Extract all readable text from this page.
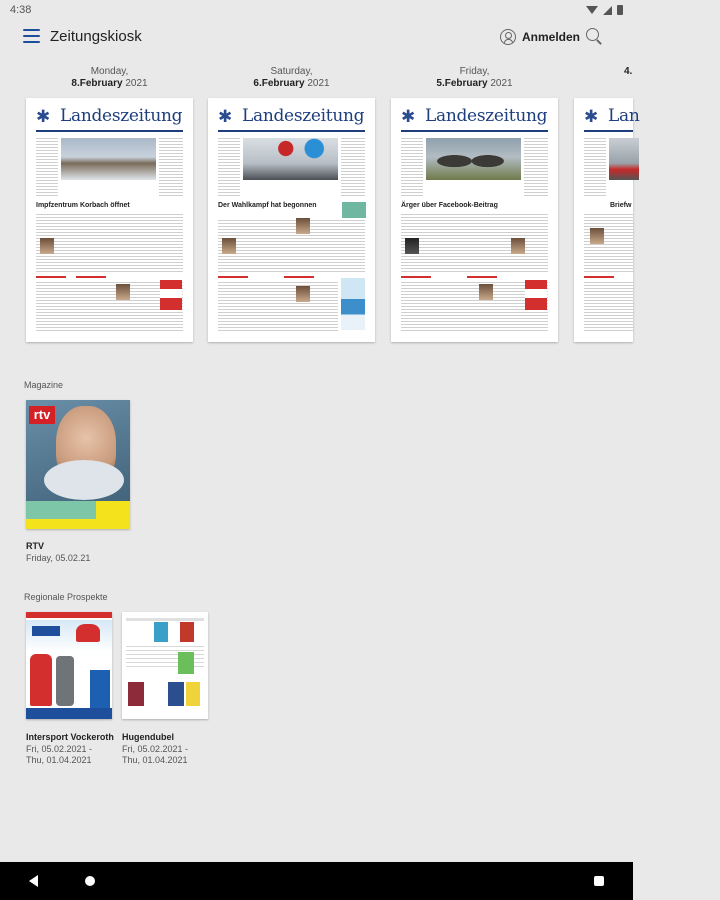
4:38
Zeitungskiosk	Anmelden
Monday,
8.February 2021
Saturday,
6.February 2021
Friday,
5.February 2021
4.
✱ Landeszeitung
Impfzentrum Korbach öffnet
✱ Landeszeitung
Der Wahlkampf hat begonnen
✱ Landeszeitung
Ärger über Facebook-Beitrag
✱ Lan
Briefw
Magazine
rtv
RTV
Friday, 05.02.21
Regionale Prospekte
Intersport Vockeroth
Fri, 05.02.2021 -
Thu, 01.04.2021
Hugendubel
Fri, 05.02.2021 -
Thu, 01.04.2021
